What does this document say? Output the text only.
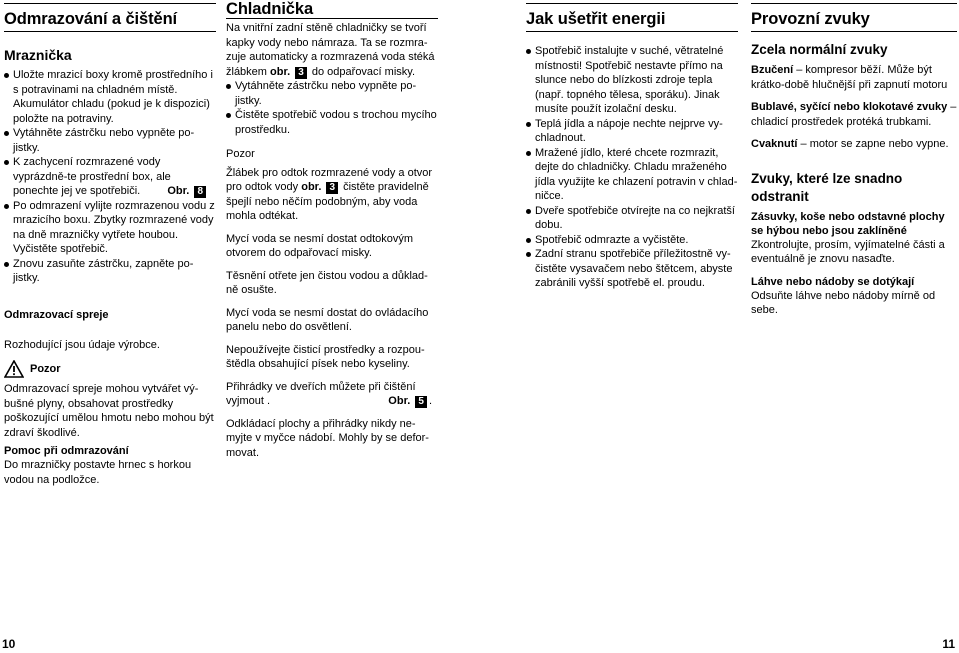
Odmrazování a čištění
Mraznička
Uložte mrazicí boxy kromě prostředního i s potravinami na chladném místě. Akumulátor chladu (pokud je k dispozici) položte na potraviny.
Vytáhněte zástrčku nebo vypněte po-jistky.
K zachycení rozmrazené vody vyprázdně-te prostřední box, ale ponechte jej ve spotřebiči. Obr. 8
Po odmrazení vylijte rozmrazenou vodu z mrazicího boxu. Zbytky rozmrazené vody na dně mrazničky vytřete houbou. Vyčistěte spotřebič.
Znovu zasuňte zástrčku, zapněte po-jistky.
Odmrazovací spreje

Rozhodující jsou údaje výrobce.

Pozor

Odmrazovací spreje mohou vytvářet vý-bušné plyny, obsahovat prostředky poškozující umělou hmotu nebo mohou být zdraví škodlivé.

Pomoc při odmrazování

Do mrazničky postavte hrnec s horkou vodou na podložce.

Chladnička

Na vnitřní zadní stěně chladničky se tvoří kapky vody nebo námraza. Ta se rozmra-zuje automaticky a rozmrazená voda stéká žlábkem obr. 3 do odpařovací misky.

Vytáhněte zástrčku nebo vypněte po-jistky.
Čistěte spotřebič vodou s trochou mycího prostředku.

Pozor

Žlábek pro odtok rozmrazené vody a otvor pro odtok vody obr. 3 čistěte pravidelně špejlí nebo něčím podobným, aby voda mohla odtékat.

Mycí voda se nesmí dostat odtokovým otvorem do odpařovací misky.

Těsnění otřete jen čistou vodou a důklad-ně osušte.

Mycí voda se nesmí dostat do ovládacího panelu nebo do osvětlení.

Nepoužívejte čisticí prostředky a rozpou-štědla obsahující písek nebo kyseliny.

Přihrádky ve dveřích můžete při čištění vyjmout .	Obr. 5 .

Odkládací plochy a přihrádky nikdy ne-myjte v myčce nádobí. Mohly by se defor-movat.

Jak ušetřit energii
Spotřebič instalujte v suché, větratelné místnosti! Spotřebič nestavte přímo na slunce nebo do blízkosti zdroje tepla (např. topného tělesa, sporáku). Jinak musíte použít izolační desku.
Teplá jídla a nápoje nechte nejprve vy-chladnout.
Mražené jídlo, které chcete rozmrazit, dejte do chladničky. Chladu mraženého jídla využijte ke chlazení potravin v chlad-ničce.
Dveře spotřebiče otvírejte na co nejkratší dobu.
Spotřebič odmrazte a vyčistěte.
Zadní stranu spotřebiče příležitostně vy-čistěte vysavačem nebo štětcem, abyste zabránili vyšší spotřebě el. proudu.
Provozní zvuky
Zcela normální zvuky

Bzučení – kompresor běží. Může být krátko-době hlučnější při zapnutí motoru

Bublavé, syčící nebo klokotavé zvuky – chladicí prostředek protéká trubkami.

Cvaknutí – motor se zapne nebo vypne.

Zvuky, které lze snadno odstranit
Zásuvky, koše nebo odstavné plochy se hýbou nebo jsou zaklíněné

Zkontrolujte, prosím, vyjímatelné části a eventuálně je znovu nasaďte.

Láhve nebo nádoby se dotýkají

Odsuňte láhve nebo nádoby mírně od sebe.

10	11
